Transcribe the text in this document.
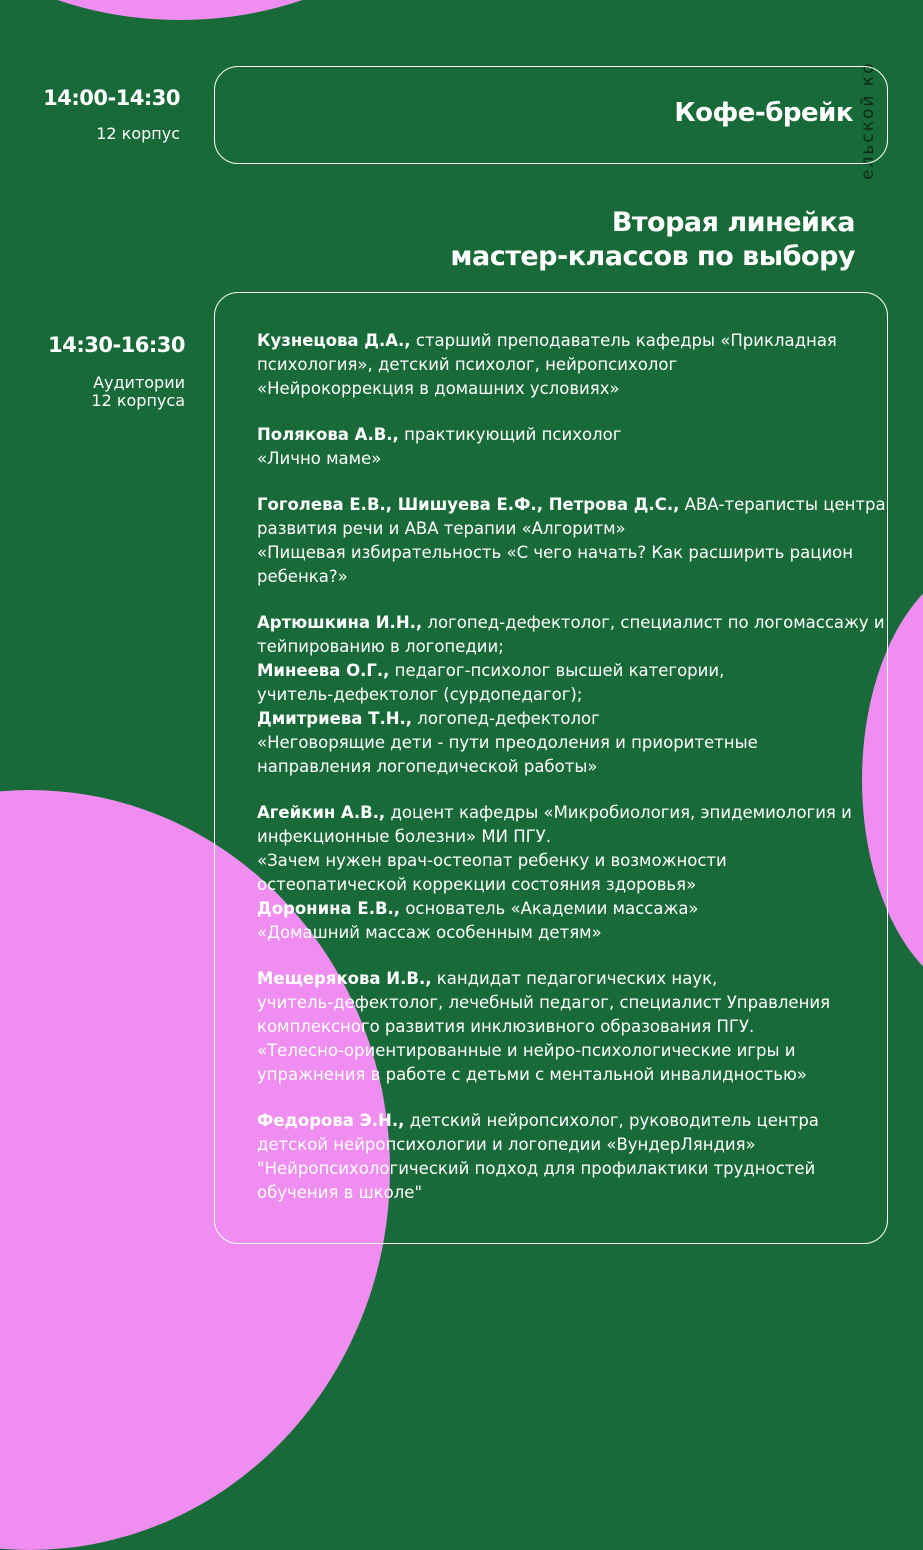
ельской ко
14:00-14:30
12 корпус
Кофе-брейк
Вторая линейка
мастер-классов по выбору
14:30-16:30
Аудитории
12 корпуса
Кузнецова Д.А., старший преподаватель кафедры «Прикладная
психология», детский психолог, нейропсихолог
«Нейрокоррекция в домашних условиях»
Полякова А.В., практикующий психолог
«Лично маме»
Гоголева Е.В., Шишуева Е.Ф., Петрова Д.С., АВА-тераписты центра
развития речи и АВА терапии «Алгоритм»
«Пищевая избирательность «С чего начать? Как расширить рацион
ребенка?»
Артюшкина И.Н., логопед-дефектолог, специалист по логомассажу и
тейпированию в логопедии;
Минеева О.Г., педагог-психолог высшей категории,
учитель-дефектолог (сурдопедагог);
Дмитриева Т.Н., логопед-дефектолог
«Неговорящие дети - пути преодоления и приоритетные
направления логопедической работы»
Агейкин А.В., доцент кафедры «Микробиология, эпидемиология и
инфекционные болезни» МИ ПГУ.
«Зачем нужен врач-остеопат ребенку и возможности
остеопатической коррекции состояния здоровья»
Доронина Е.В., основатель «Академии массажа»
«Домашний массаж особенным детям»
Мещерякова И.В., кандидат педагогических наук,
учитель-дефектолог, лечебный педагог, специалист Управления
комплексного развития инклюзивного образования ПГУ.
«Телесно-ориентированные и нейро-психологические игры и
упражнения в работе с детьми с ментальной инвалидностью»
Федорова Э.Н., детский нейропсихолог, руководитель центра
детской нейропсихологии и логопедии «ВундерЛяндия»
"Нейропсихологический подход для профилактики трудностей
обучения в школе"
